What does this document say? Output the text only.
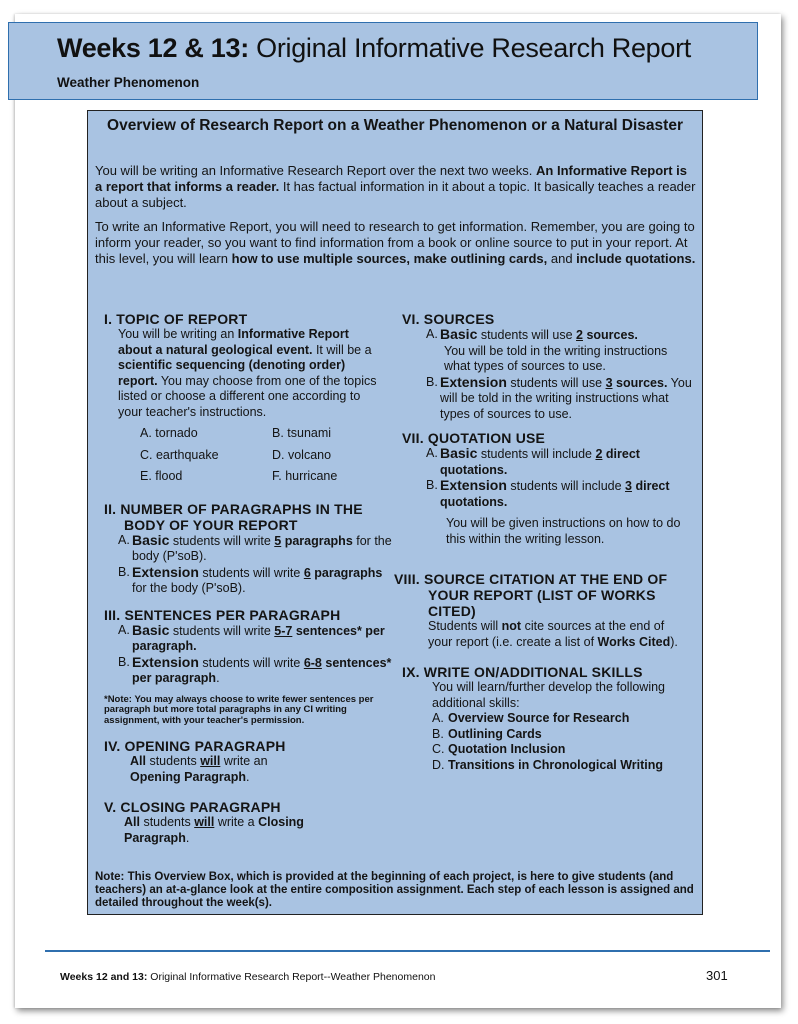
Weeks 12 & 13: Original Informative Research Report
Weather Phenomenon
Overview of Research Report on a Weather Phenomenon or a Natural Disaster
You will be writing an Informative Research Report over the next two weeks. An Informative Report is a report that informs a reader. It has factual information in it about a topic. It basically teaches a reader about a subject.
To write an Informative Report, you will need to research to get information. Remember, you are going to inform your reader, so you want to find information from a book or online source to put in your report. At this level, you will learn how to use multiple sources, make outlining cards, and include quotations.
I. TOPIC OF REPORT
You will be writing an Informative Report about a natural geological event. It will be a scientific sequencing (denoting order) report. You may choose from one of the topics listed or choose a different one according to your teacher's instructions.
A. tornado	B. tsunami
C. earthquake	D. volcano
E. flood	F. hurricane
II. NUMBER OF PARAGRAPHS IN THE
BODY OF YOUR REPORT
A. Basic students will write 5 paragraphs for the body (P'soB).
B. Extension students will write 6 paragraphs for the body (P'soB).
III. SENTENCES PER PARAGRAPH
A. Basic students will write 5-7 sentences* per paragraph.
B. Extension students will write 6-8 sentences* per paragraph.
*Note: You may always choose to write fewer sentences per paragraph but more total paragraphs in any CI writing assignment, with your teacher's permission.
IV. OPENING PARAGRAPH
All students will write an Opening Paragraph.
V. CLOSING PARAGRAPH
All students will write a Closing Paragraph.
VI. SOURCES
A. Basic students will use 2 sources.
You will be told in the writing instructions what types of sources to use.
B. Extension students will use 3 sources. You will be told in the writing instructions what types of sources to use.
VII. QUOTATION USE
A. Basic students will include 2 direct quotations.
B. Extension students will include 3 direct quotations.
You will be given instructions on how to do this within the writing lesson.
VIII. SOURCE CITATION AT THE END OF
YOUR REPORT (LIST OF WORKS
CITED)
Students will not cite sources at the end of your report (i.e. create a list of Works Cited).
IX. WRITE ON/ADDITIONAL SKILLS
You will learn/further develop the following additional skills:
A. Overview Source for Research
B. Outlining Cards
C. Quotation Inclusion
D. Transitions in Chronological Writing
Note: This Overview Box, which is provided at the beginning of each project, is here to give students (and teachers) an at-a-glance look at the entire composition assignment. Each step of each lesson is assigned and detailed throughout the week(s).
Weeks 12 and 13: Original Informative Research Report--Weather Phenomenon	301
